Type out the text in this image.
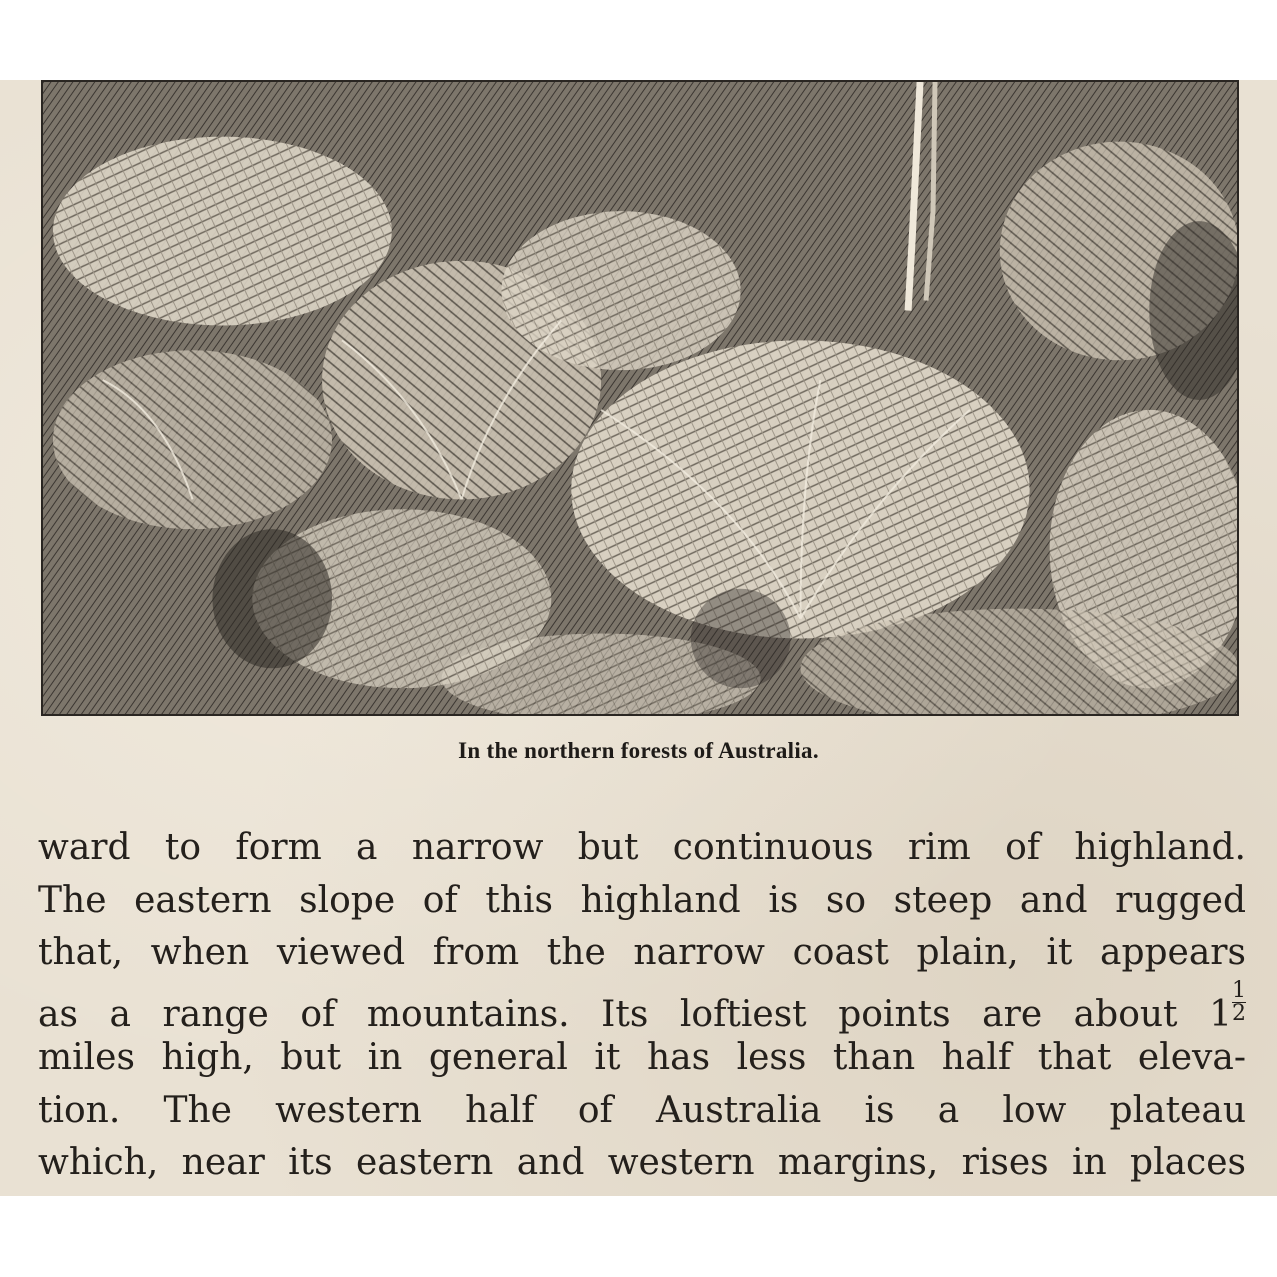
In the northern forests of Australia.
ward to form a narrow but continuous rim of highland.
The eastern slope of this highland is so steep and rugged
that, when viewed from the narrow coast plain, it appears
as a range of mountains. Its loftiest points are about $1 \frac{1}{2}$
miles high, but in general it has less than half that eleva-
tion. The western half of Australia is a low plateau
which, near its eastern and western margins, rises in places
